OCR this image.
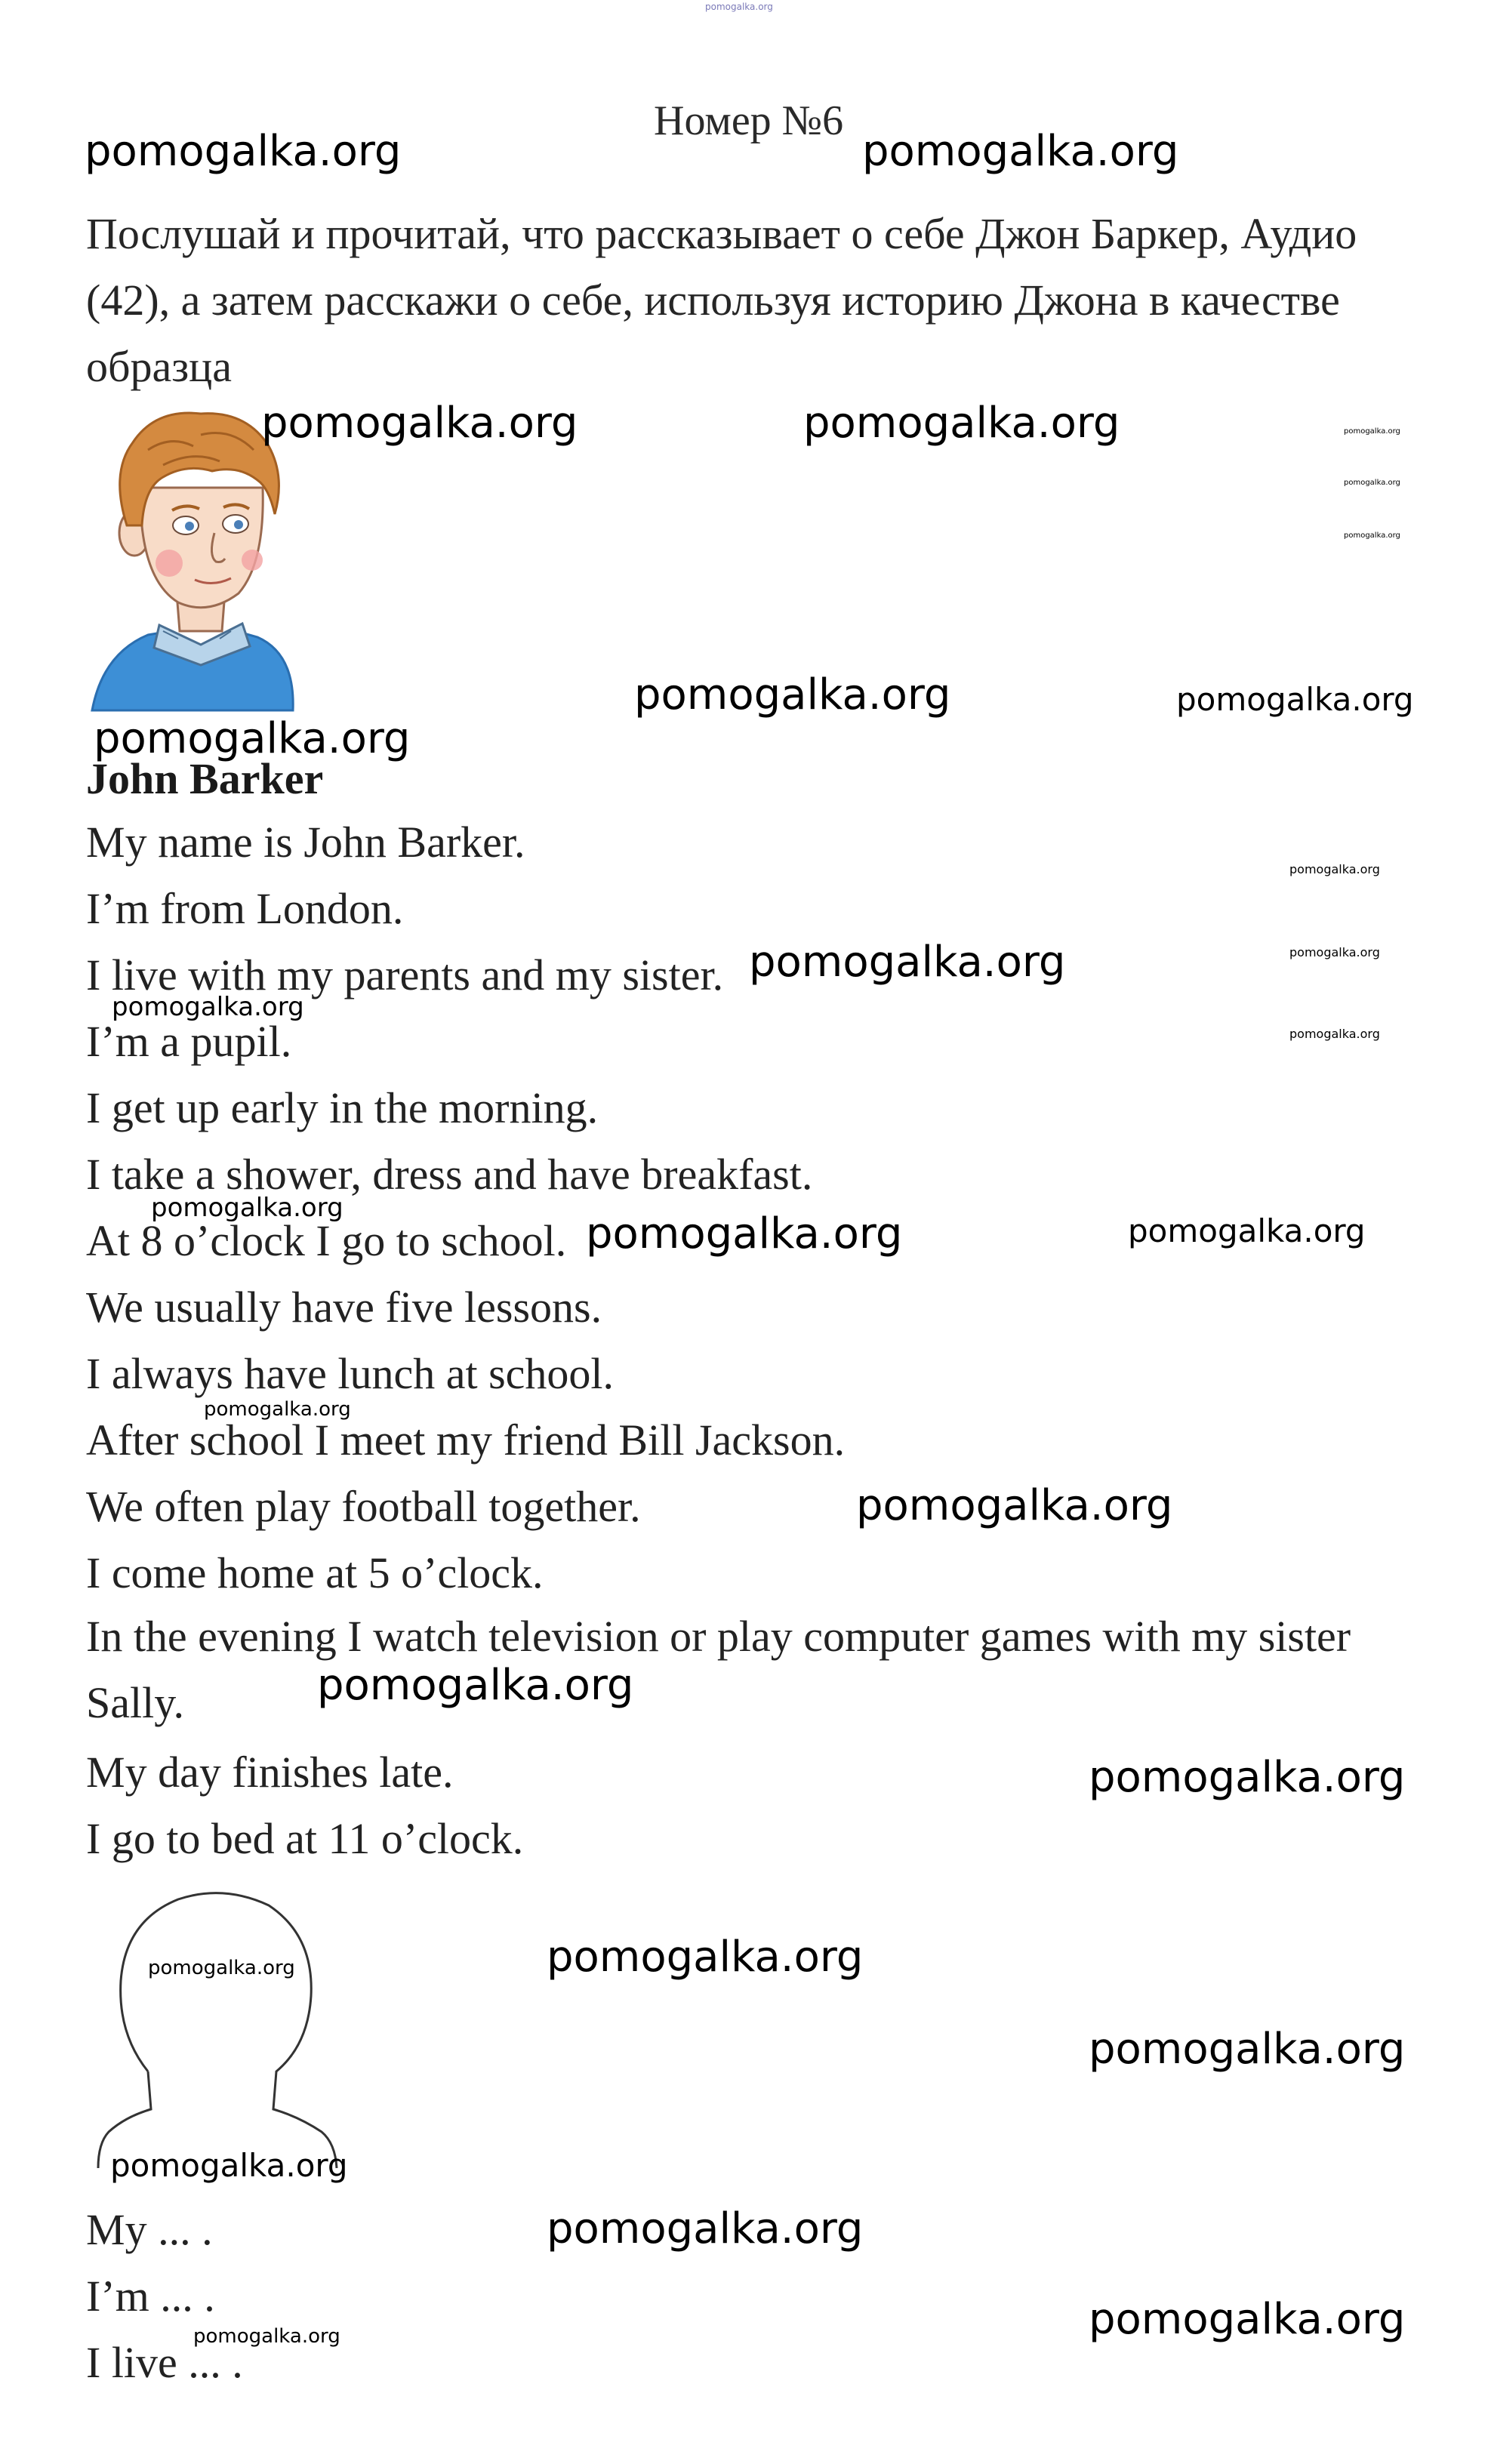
pomogalka.org
Номер №6
Послушай и прочитай, что рассказывает о себе Джон Баркер, Аудио (42), а затем расскажи о себе, используя историю Джона в качестве образца
John Barker
My name is John Barker.
I’m from London.
I live with my parents and my sister.
I’m a pupil.
I get up early in the morning.
I take a shower, dress and have breakfast.
At 8 o’clock I go to school.
We usually have five lessons.
I always have lunch at school.
After school I meet my friend Bill Jackson.
We often play football together.
I come home at 5 o’clock.
In the evening I watch television or play computer games with my sister Sally.
My day finishes late.
I go to bed at 11 o’clock.
My ... .
I’m ... .
I live ... .
pomogalka.org	pomogalka.org
pomogalka.org	pomogalka.org	pomogalka.org
pomogalka.org
pomogalka.org
pomogalka.org	pomogalka.org
pomogalka.org
pomogalka.org
pomogalka.org
pomogalka.org
pomogalka.org
pomogalka.org
pomogalka.org
pomogalka.org	pomogalka.org
pomogalka.org
pomogalka.org
pomogalka.org
pomogalka.org
pomogalka.org	pomogalka.org
pomogalka.org
pomogalka.org
pomogalka.org
pomogalka.org
pomogalka.org
